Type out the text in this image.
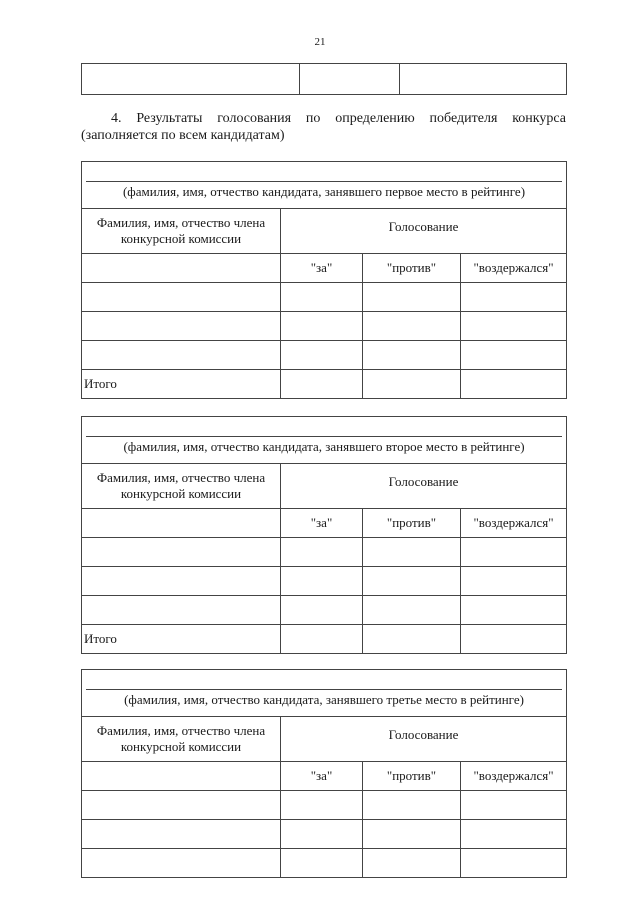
21

4. Результаты голосования по определению победителя конкурса
(заполняется по всем кандидатам)
(фамилия, имя, отчество кандидата, занявшего первое место в рейтинге)			

Фамилия, имя, отчество члена конкурсной комиссии	Голосование		
	"за"	"против"	"воздержался"

Итого			
(фамилия, имя, отчество кандидата, занявшего второе место в рейтинге)			

Фамилия, имя, отчество члена конкурсной комиссии	Голосование		
	"за"	"против"	"воздержался"

Итого			
(фамилия, имя, отчество кандидата, занявшего третье место в рейтинге)			

Фамилия, имя, отчество члена конкурсной комиссии	Голосование		
	"за"	"против"	"воздержался"
